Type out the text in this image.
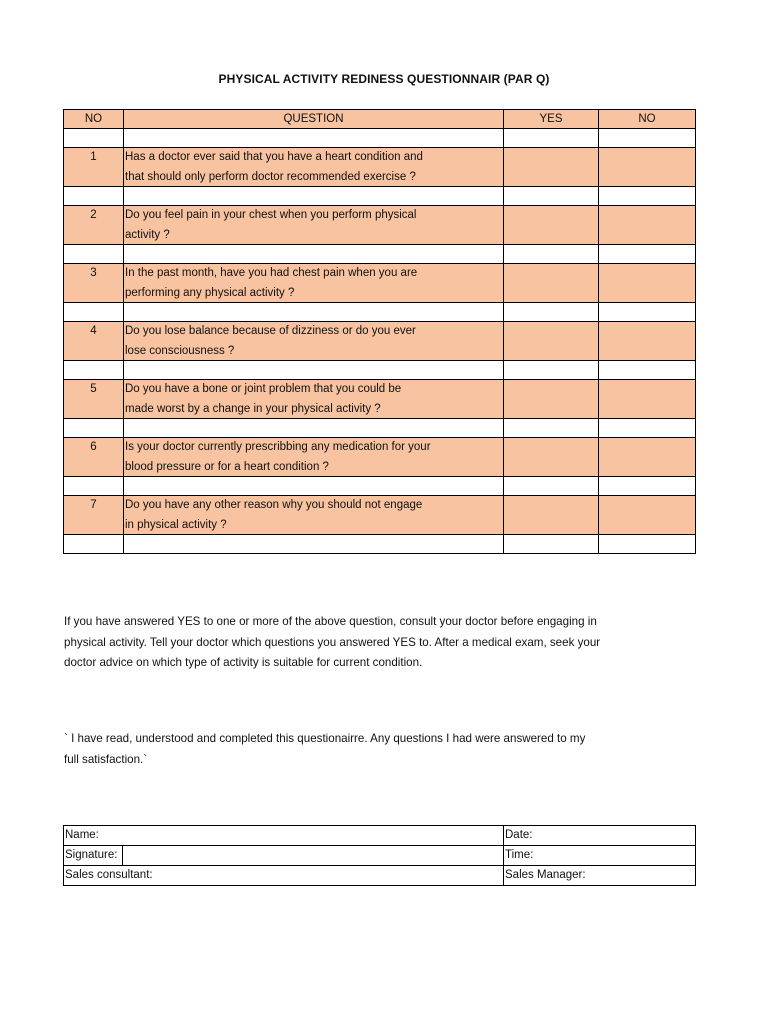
PHYSICAL ACTIVITY REDINESS QUESTIONNAIR (PAR Q)
NO	QUESTION	YES	NO
1	Has a doctor ever said that you have a heart condition and
that should only perform doctor recommended exercise ?
2	Do you feel pain in your chest when you perform physical
activity ?
3	In the past month, have you had chest pain when you are
performing any physical activity ?
4	Do you lose balance because of dizziness or do you ever
lose consciousness ?
5	Do you have a bone or joint problem that you could be
made worst by a change in your physical activity ?
6	Is your doctor currently prescribbing any medication for your
blood pressure or for a heart condition ?
7	Do you have any other reason why you should not engage
in physical activity ?
If you have answered YES to one or more of the above question, consult your doctor before engaging in
physical activity. Tell your doctor which questions you answered YES to. After a medical exam, seek your
doctor advice on which type of activity is suitable for current condition.
` I have read, understood and completed this questionairre. Any questions I had were answered to my
full satisfaction.`
Name:	Date:
Signature:	Time:
Sales consultant:	Sales Manager:
